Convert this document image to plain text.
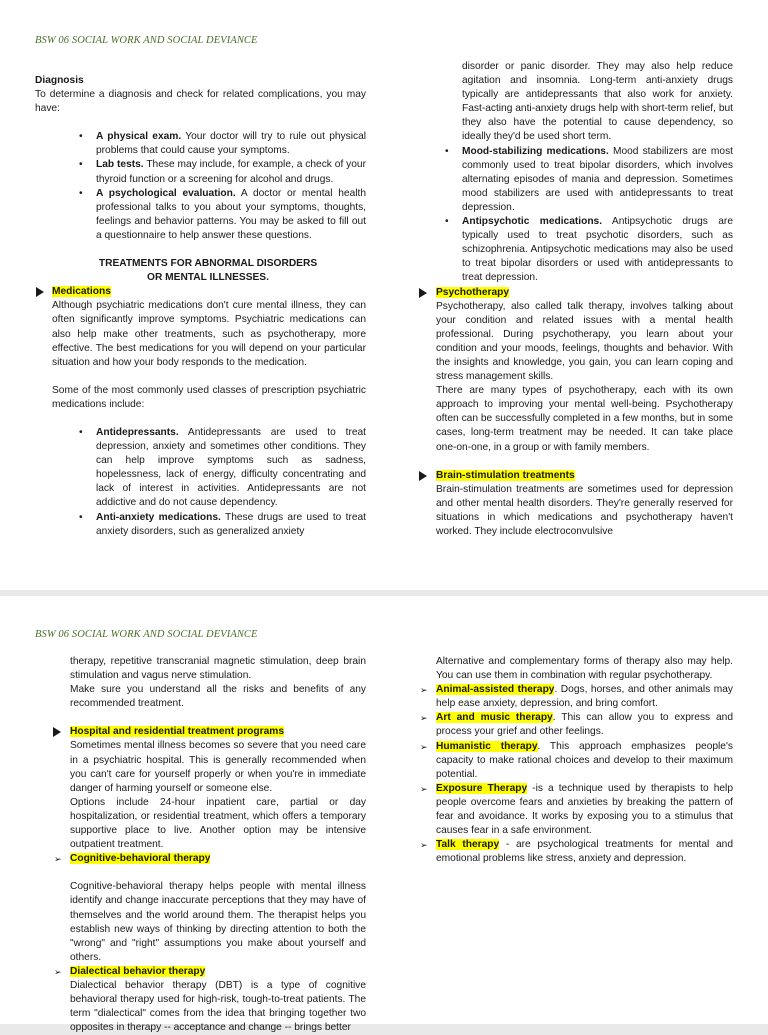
BSW 06 SOCIAL WORK AND SOCIAL DEVIANCE

Diagnosis

To determine a diagnosis and check for related complications, you may have:

• A physical exam. Your doctor will try to rule out physical problems that could cause your symptoms.
• Lab tests. These may include, for example, a check of your thyroid function or a screening for alcohol and drugs.
• A psychological evaluation. A doctor or mental health professional talks to you about your symptoms, thoughts, feelings and behavior patterns. You may be asked to fill out a questionnaire to help answer these questions.

TREATMENTS FOR ABNORMAL DISORDERS OR MENTAL ILLNESSES.

Medications

Although psychiatric medications don't cure mental illness, they can often significantly improve symptoms. Psychiatric medications can also help make other treatments, such as psychotherapy, more effective. The best medications for you will depend on your particular situation and how your body responds to the medication.

Some of the most commonly used classes of prescription psychiatric medications include:

• Antidepressants. Antidepressants are used to treat depression, anxiety and sometimes other conditions. They can help improve symptoms such as sadness, hopelessness, lack of energy, difficulty concentrating and lack of interest in activities. Antidepressants are not addictive and do not cause dependency.
• Anti-anxiety medications. These drugs are used to treat anxiety disorders, such as generalized anxiety

disorder or panic disorder. They may also help reduce agitation and insomnia. Long-term anti-anxiety drugs typically are antidepressants that also work for anxiety. Fast-acting anti-anxiety drugs help with short-term relief, but they also have the potential to cause dependency, so ideally they'd be used short term.

• Mood-stabilizing medications. Mood stabilizers are most commonly used to treat bipolar disorders, which involves alternating episodes of mania and depression. Sometimes mood stabilizers are used with antidepressants to treat depression.
• Antipsychotic medications. Antipsychotic drugs are typically used to treat psychotic disorders, such as schizophrenia. Antipsychotic medications may also be used to treat bipolar disorders or used with antidepressants to treat depression.
Psychotherapy

Psychotherapy, also called talk therapy, involves talking about your condition and related issues with a mental health professional. During psychotherapy, you learn about your condition and your moods, feelings, thoughts and behavior. With the insights and knowledge, you gain, you can learn coping and stress management skills.

There are many types of psychotherapy, each with its own approach to improving your mental well-being. Psychotherapy often can be successfully completed in a few months, but in some cases, long-term treatment may be needed. It can take place one-on-one, in a group or with family members.

Brain-stimulation treatments

Brain-stimulation treatments are sometimes used for depression and other mental health disorders. They're generally reserved for situations in which medications and psychotherapy haven't worked. They include electroconvulsive

BSW 06 SOCIAL WORK AND SOCIAL DEVIANCE

therapy, repetitive transcranial magnetic stimulation, deep brain stimulation and vagus nerve stimulation.

Make sure you understand all the risks and benefits of any recommended treatment.

Hospital and residential treatment programs

Sometimes mental illness becomes so severe that you need care in a psychiatric hospital. This is generally recommended when you can't care for yourself properly or when you're in immediate danger of harming yourself or someone else.

Options include 24-hour inpatient care, partial or day hospitalization, or residential treatment, which offers a temporary supportive place to live. Another option may be intensive outpatient treatment.

➢ Cognitive-behavioral therapy

Cognitive-behavioral therapy helps people with mental illness identify and change inaccurate perceptions that they may have of themselves and the world around them. The therapist helps you establish new ways of thinking by directing attention to both the "wrong" and "right" assumptions you make about yourself and others.

➢ Dialectical behavior therapy

Dialectical behavior therapy (DBT) is a type of cognitive behavioral therapy used for high-risk, tough-to-treat patients. The term "dialectical" comes from the idea that bringing together two opposites in therapy -- acceptance and change -- brings better

Alternative and complementary forms of therapy also may help. You can use them in combination with regular psychotherapy.

➢ Animal-assisted therapy. Dogs, horses, and other animals may help ease anxiety, depression, and bring comfort.
➢ Art and music therapy. This can allow you to express and process your grief and other feelings.
➢ Humanistic therapy. This approach emphasizes people's capacity to make rational choices and develop to their maximum potential.
➢ Exposure Therapy -is a technique used by therapists to help people overcome fears and anxieties by breaking the pattern of fear and avoidance. It works by exposing you to a stimulus that causes fear in a safe environment.
➢ Talk therapy - are psychological treatments for mental and emotional problems like stress, anxiety and depression.
